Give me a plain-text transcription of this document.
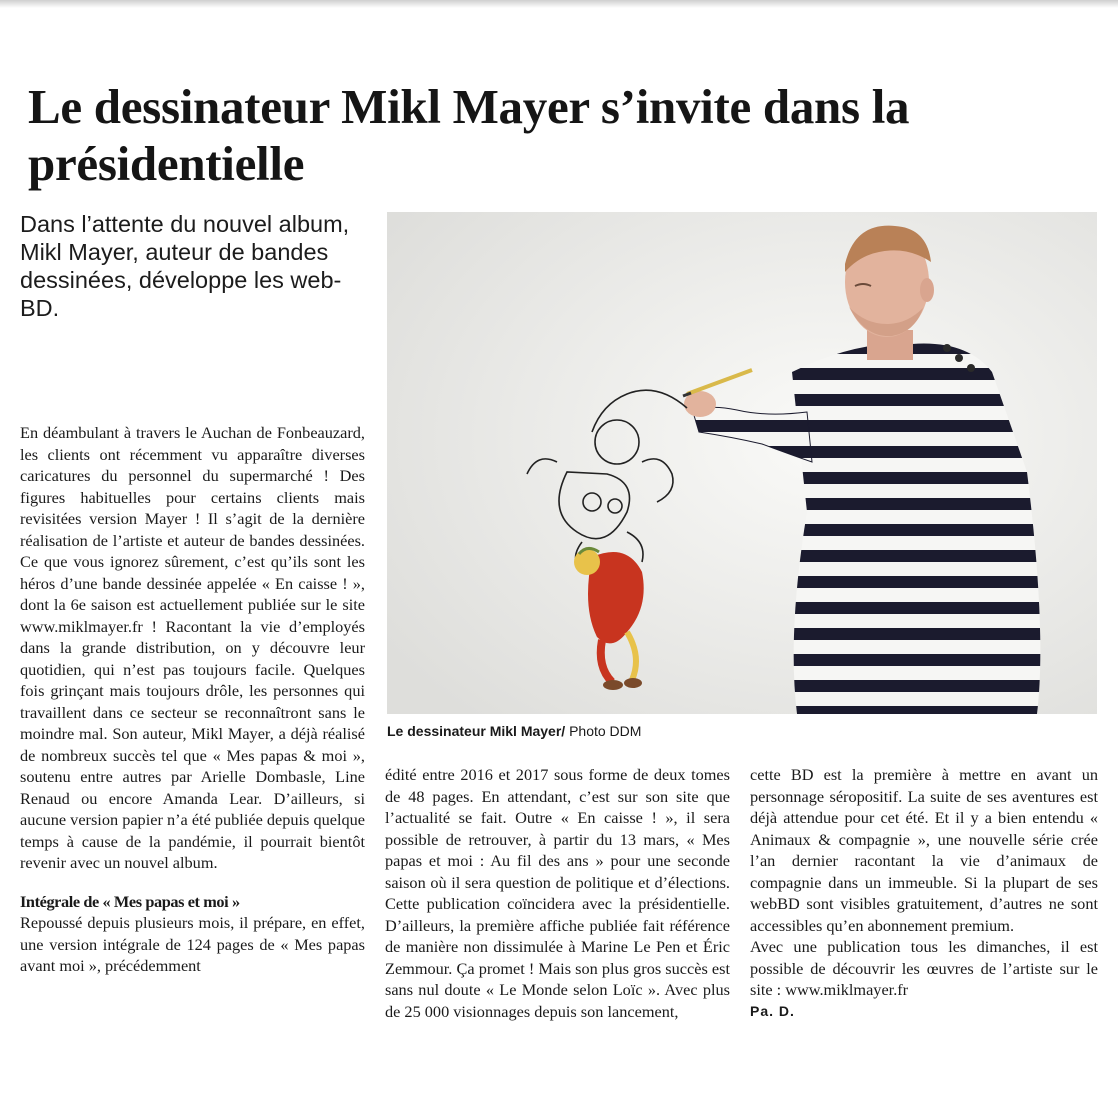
Le dessinateur Mikl Mayer s’invite dans la présidentielle

Dans l’attente du nouvel album, Mikl Mayer, auteur de bandes dessinées, développe les web-BD.

Le dessinateur Mikl Mayer/ Photo DDM

En déambulant à travers le Auchan de Fonbeauzard, les clients ont récemment vu apparaître diverses caricatures du personnel du supermarché ! Des figures habituelles pour certains clients mais revisitées version Mayer ! Il s’agit de la dernière réalisation de l’artiste et auteur de bandes dessinées. Ce que vous ignorez sûrement, c’est qu’ils sont les héros d’une bande dessinée appelée « En caisse ! », dont la 6e saison est actuellement publiée sur le site www.miklmayer.fr ! Racontant la vie d’employés dans la grande distribution, on y découvre leur quotidien, qui n’est pas toujours facile. Quelques fois grinçant mais toujours drôle, les personnes qui travaillent dans ce secteur se reconnaîtront sans le moindre mal. Son auteur, Mikl Mayer, a déjà réalisé de nombreux succès tel que « Mes papas & moi », soutenu entre autres par Arielle Dombasle, Line Renaud ou encore Amanda Lear. D’ailleurs, si aucune version papier n’a été publiée depuis quelque temps à cause de la pandémie, il pourrait bientôt revenir avec un nouvel album.

Intégrale de « Mes papas et moi »

Repoussé depuis plusieurs mois, il prépare, en effet, une version intégrale de 124 pages de « Mes papas avant moi », précédemment

édité entre 2016 et 2017 sous forme de deux tomes de 48 pages. En attendant, c’est sur son site que l’actualité se fait. Outre « En caisse ! », il sera possible de retrouver, à partir du 13 mars, « Mes papas et moi : Au fil des ans » pour une seconde saison où il sera question de politique et d’élections. Cette publication coïncidera avec la présidentielle. D’ailleurs, la première affiche publiée fait référence de manière non dissimulée à Marine Le Pen et Éric Zemmour. Ça promet ! Mais son plus gros succès est sans nul doute « Le Monde selon Loïc ». Avec plus de 25 000 visionnages depuis son lancement,

cette BD est la première à mettre en avant un personnage séropositif. La suite de ses aventures est déjà attendue pour cet été. Et il y a bien entendu « Animaux & compagnie », une nouvelle série crée l’an dernier racontant la vie d’animaux de compagnie dans un immeuble. Si la plupart de ses webBD sont visibles gratuitement, d’autres ne sont accessibles qu’en abonnement premium.

Avec une publication tous les dimanches, il est possible de découvrir les œuvres de l’artiste sur le site : www.miklmayer.fr

Pa. D.
